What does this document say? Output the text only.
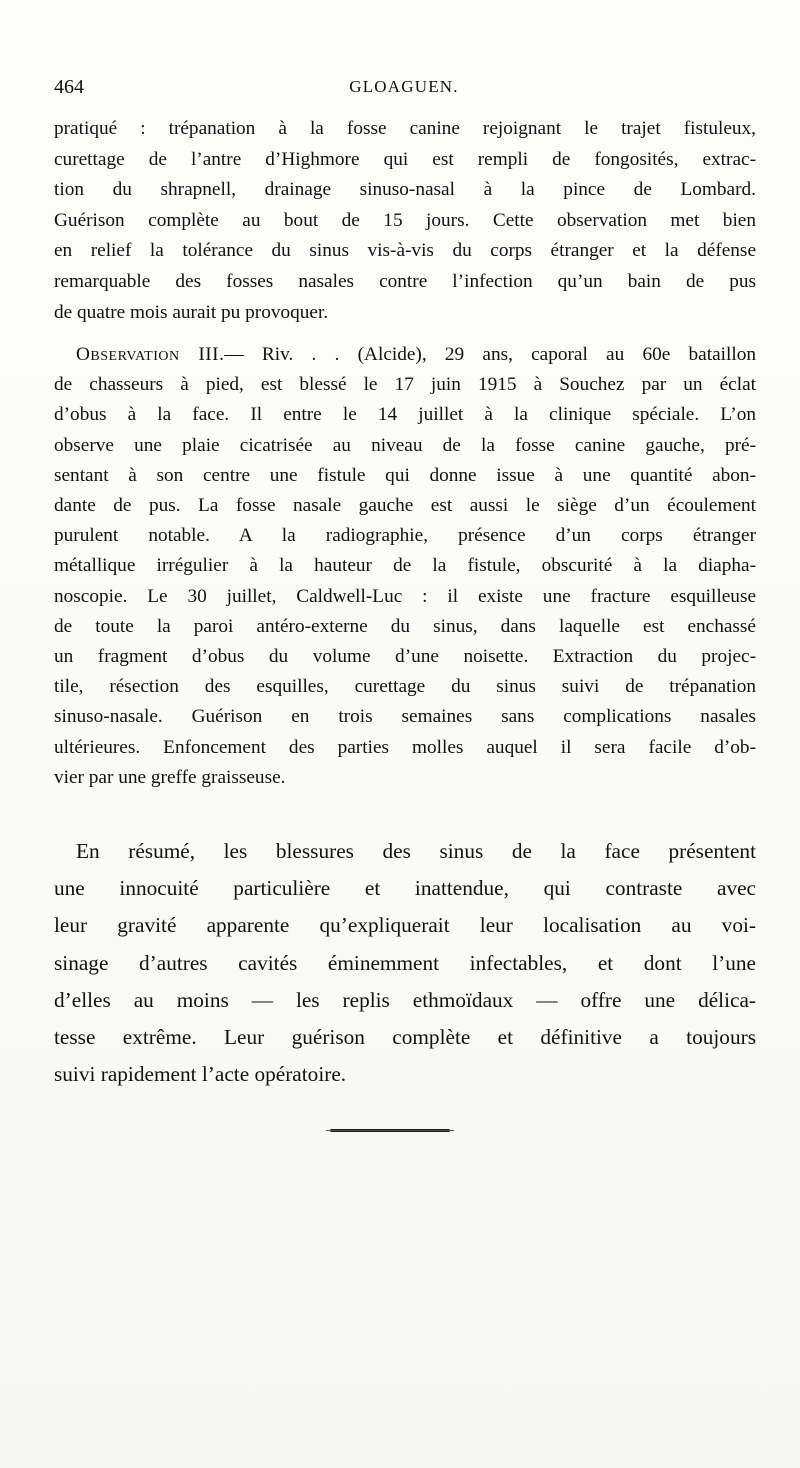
464	GLOAGUEN.
pratiqué : trépanation à la fosse canine rejoignant le trajet fistuleux,
curettage de l’antre d’Highmore qui est rempli de fongosités, extrac-
tion du shrapnell, drainage sinuso-nasal à la pince de Lombard.
Guérison complète au bout de 15 jours. Cette observation met bien
en relief la tolérance du sinus vis-à-vis du corps étranger et la défense
remarquable des fosses nasales contre l’infection qu’un bain de pus
de quatre mois aurait pu provoquer.
Observation III.— Riv. . . (Alcide), 29 ans, caporal au 60e bataillon
de chasseurs à pied, est blessé le 17 juin 1915 à Souchez par un éclat
d’obus à la face. Il entre le 14 juillet à la clinique spéciale. L’on
observe une plaie cicatrisée au niveau de la fosse canine gauche, pré-
sentant à son centre une fistule qui donne issue à une quantité abon-
dante de pus. La fosse nasale gauche est aussi le siège d’un écoulement
purulent notable. A la radiographie, présence d’un corps étranger
métallique irrégulier à la hauteur de la fistule, obscurité à la diapha-
noscopie. Le 30 juillet, Caldwell-Luc : il existe une fracture esquilleuse
de toute la paroi antéro-externe du sinus, dans laquelle est enchassé
un fragment d’obus du volume d’une noisette. Extraction du projec-
tile, résection des esquilles, curettage du sinus suivi de trépanation
sinuso-nasale. Guérison en trois semaines sans complications nasales
ultérieures. Enfoncement des parties molles auquel il sera facile d’ob-
vier par une greffe graisseuse.
En résumé, les blessures des sinus de la face présentent
une innocuité particulière et inattendue, qui contraste avec
leur gravité apparente qu’expliquerait leur localisation au voi-
sinage d’autres cavités éminemment infectables, et dont l’une
d’elles au moins — les replis ethmoïdaux — offre une délica-
tesse extrême. Leur guérison complète et définitive a toujours
suivi rapidement l’acte opératoire.
